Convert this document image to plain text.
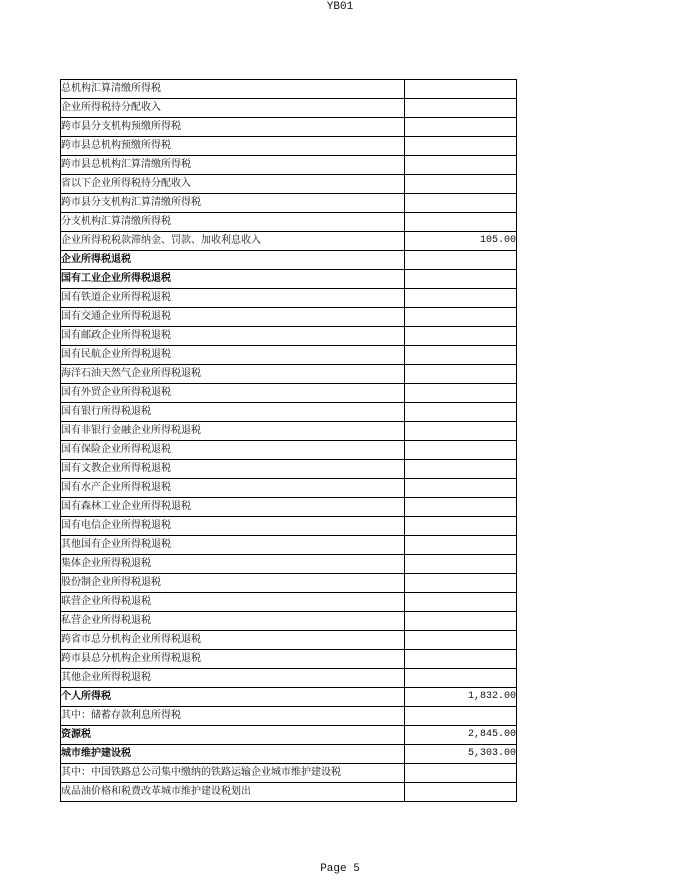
YB01
总机构汇算清缴所得税	
企业所得税待分配收入	
跨市县分支机构预缴所得税	
跨市县总机构预缴所得税	
跨市县总机构汇算清缴所得税	
省以下企业所得税待分配收入	
跨市县分支机构汇算清缴所得税	
分支机构汇算清缴所得税	
企业所得税税款滞纳金、罚款、加收利息收入	105.00
企业所得税退税	
国有工业企业所得税退税	
国有铁道企业所得税退税	
国有交通企业所得税退税	
国有邮政企业所得税退税	
国有民航企业所得税退税	
海洋石油天然气企业所得税退税	
国有外贸企业所得税退税	
国有银行所得税退税	
国有非银行金融企业所得税退税	
国有保险企业所得税退税	
国有文教企业所得税退税	
国有水产企业所得税退税	
国有森林工业企业所得税退税	
国有电信企业所得税退税	
其他国有企业所得税退税	
集体企业所得税退税	
股份制企业所得税退税	
联营企业所得税退税	
私营企业所得税退税	
跨省市总分机构企业所得税退税	
跨市县总分机构企业所得税退税	
其他企业所得税退税	
个人所得税	1,832.00
其中：储蓄存款利息所得税	
资源税	2,845.00
城市维护建设税	5,303.00
其中：中国铁路总公司集中缴纳的铁路运输企业城市维护建设税	
成品油价格和税费改革城市维护建设税划出	
Page 5
